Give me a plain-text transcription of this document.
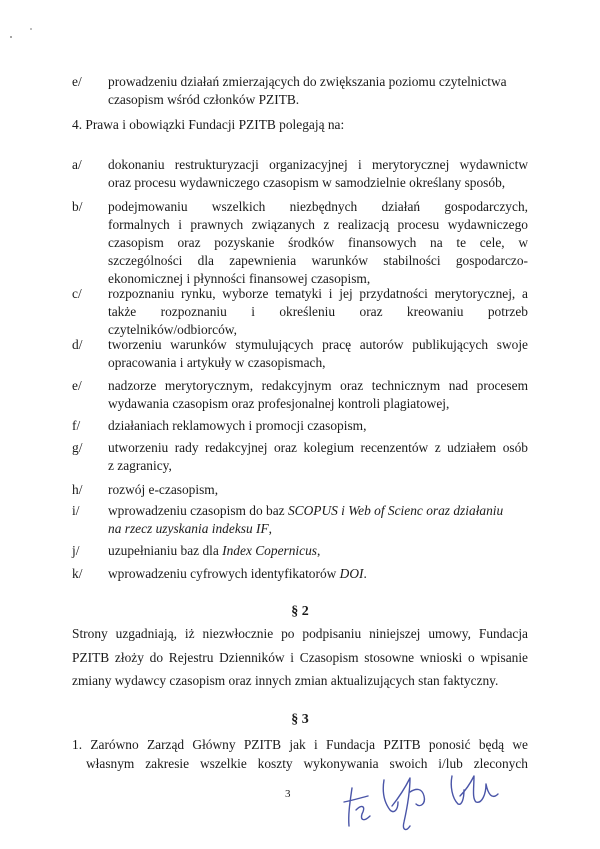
e/ prowadzeniu działań zmierzających do zwiększania poziomu czytelnictwa
czasopism wśród członków PZITB.
4. Prawa i obowiązki Fundacji PZITB polegają na:
a/ dokonaniu restrukturyzacji organizacyjnej i merytorycznej wydawnictw
oraz procesu wydawniczego czasopism w samodzielnie określany sposób,
b/ podejmowaniu wszelkich niezbędnych działań gospodarczych,
formalnych i prawnych związanych z realizacją procesu wydawniczego
czasopism oraz pozyskanie środków finansowych na te cele, w
szczególności dla zapewnienia warunków stabilności gospodarczo-
ekonomicznej i płynności finansowej czasopism,
c/ rozpoznaniu rynku, wyborze tematyki i jej przydatności merytorycznej, a
także rozpoznaniu i określeniu oraz kreowaniu potrzeb
czytelników/odbiorców,
d/ tworzeniu warunków stymulujących pracę autorów publikujących swoje
opracowania i artykuły w czasopismach,
e/ nadzorze merytorycznym, redakcyjnym oraz technicznym nad procesem
wydawania czasopism oraz profesjonalnej kontroli plagiatowej,
f/ działaniach reklamowych i promocji czasopism,
g/ utworzeniu rady redakcyjnej oraz kolegium recenzentów z udziałem osób
z zagranicy,
h/ rozwój e-czasopism,
i/ wprowadzeniu czasopism do baz SCOPUS i Web of Scienc oraz działaniu
na rzecz uzyskania indeksu IF,
j/ uzupełnianiu baz dla Index Copernicus,
k/ wprowadzeniu cyfrowych identyfikatorów DOI.
§ 2
Strony uzgadniają, iż niezwłocznie po podpisaniu niniejszej umowy, Fundacja
PZITB złoży do Rejestru Dzienników i Czasopism stosowne wnioski o wpisanie
zmiany wydawcy czasopism oraz innych zmian aktualizujących stan faktyczny.
§ 3
1. Zarówno Zarząd Główny PZITB jak i Fundacja PZITB ponosić będą we
własnym zakresie wszelkie koszty wykonywania swoich i/lub zleconych
3
